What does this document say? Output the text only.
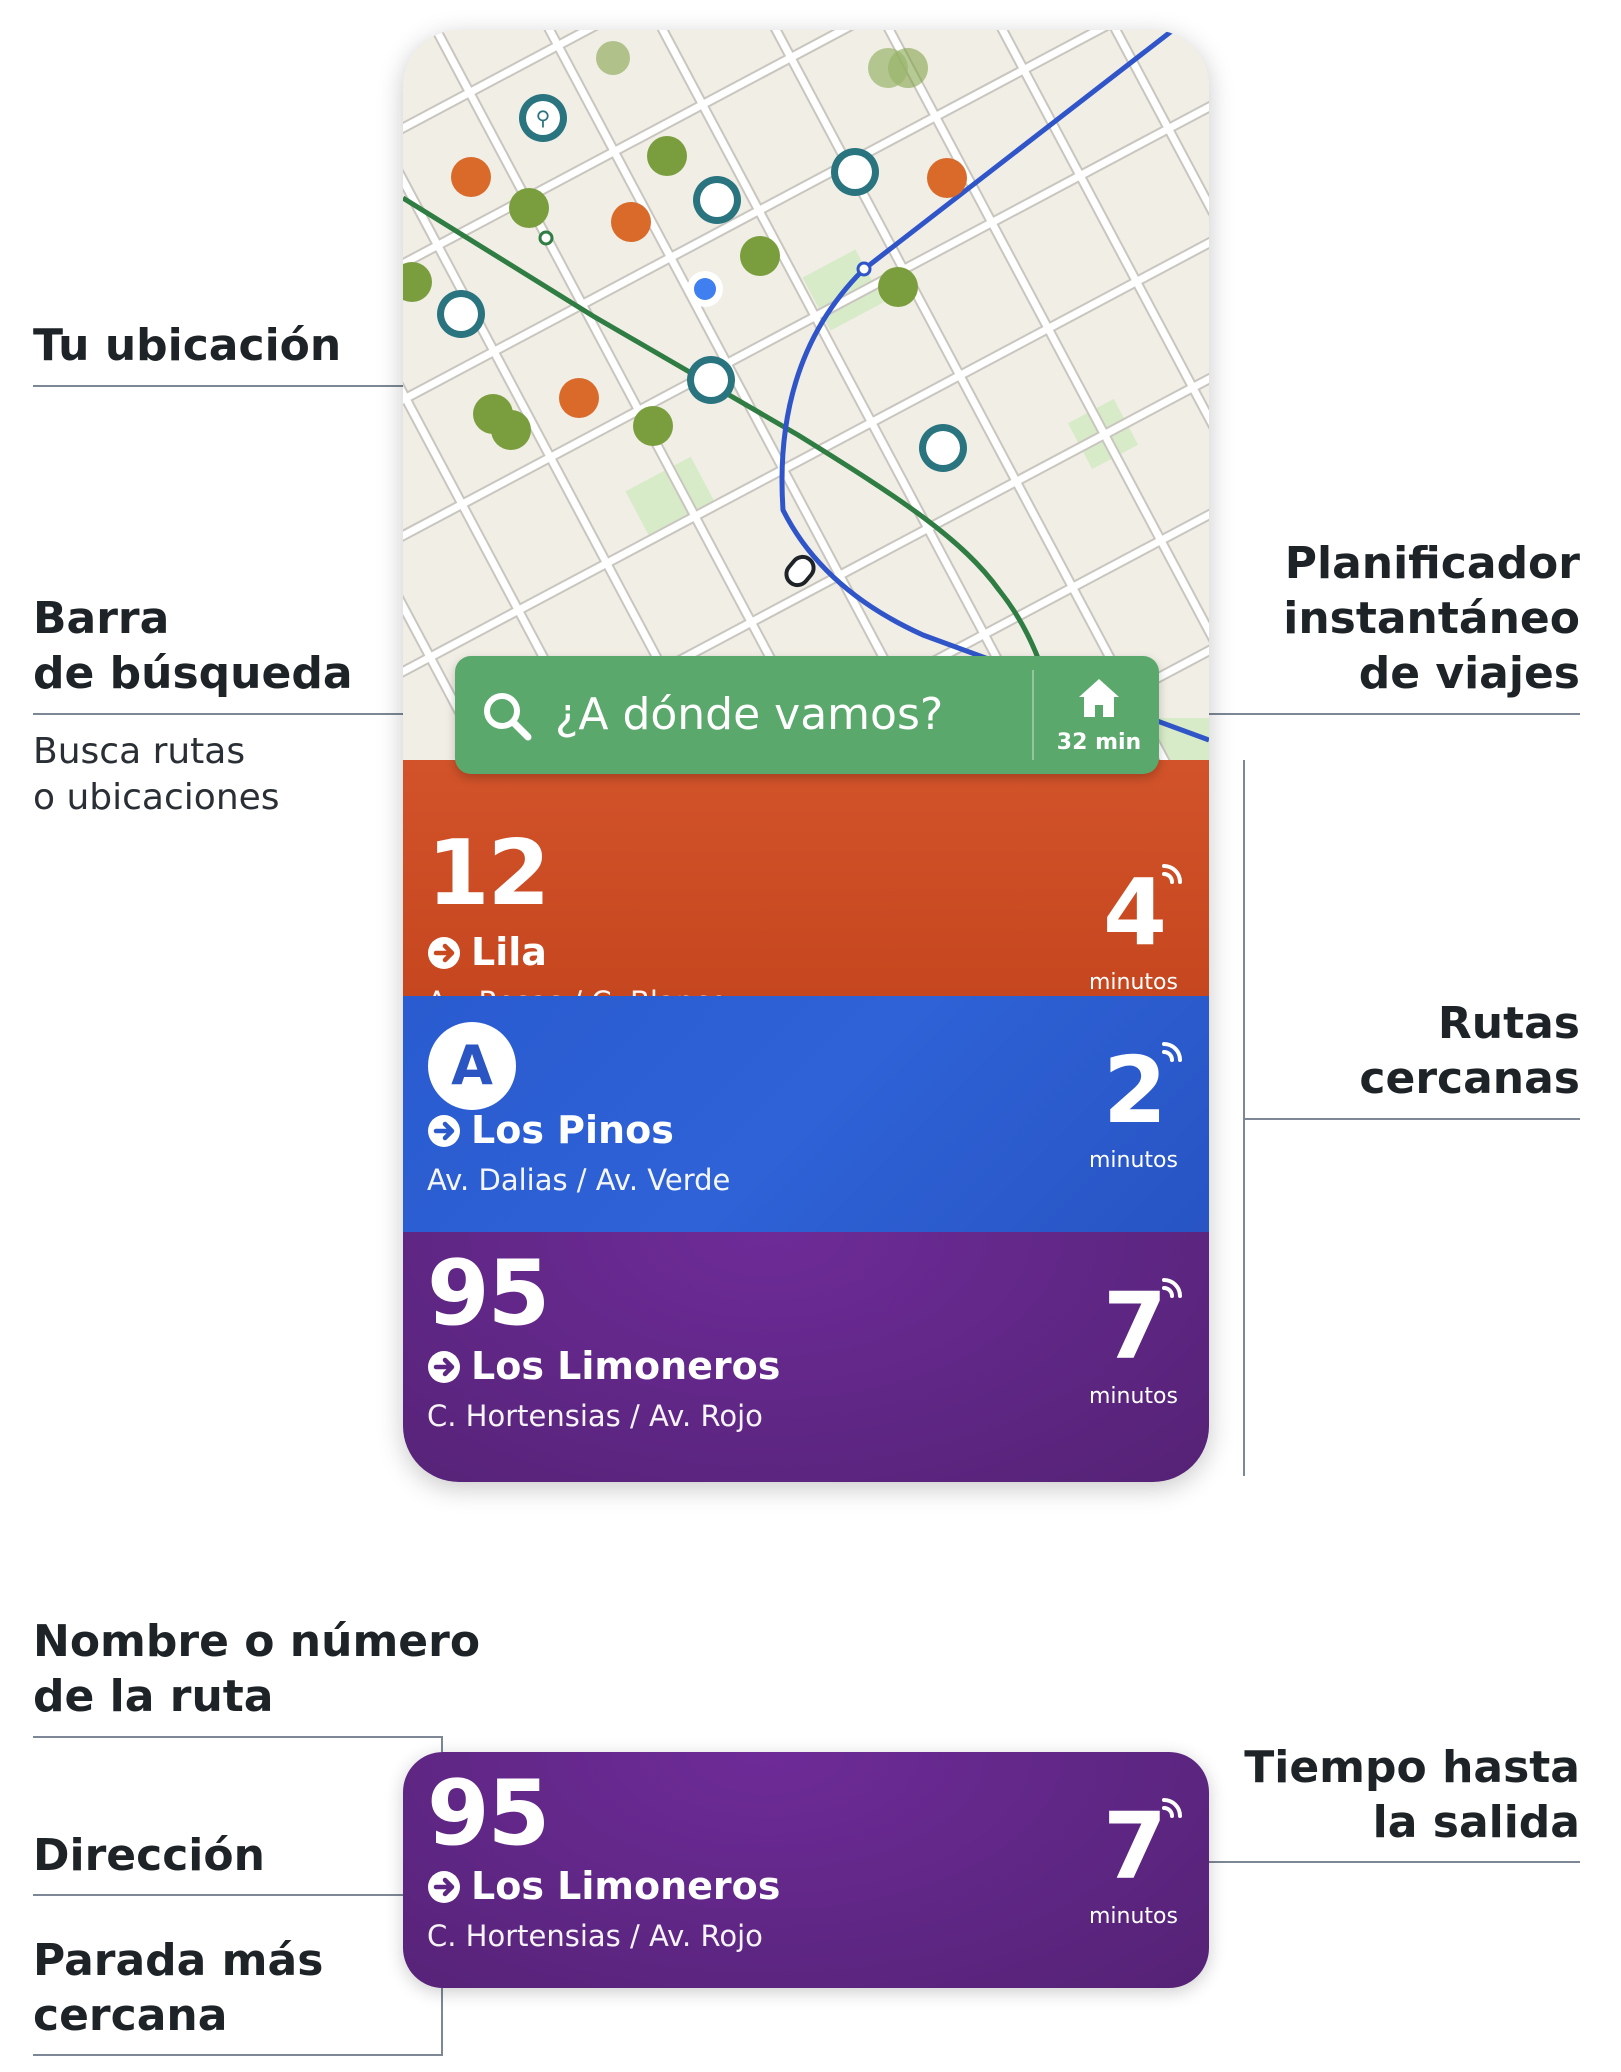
Tu ubicación
Barra
de búsqueda
Busca rutas
o ubicaciones
Planificador
instantáneo
de viajes
Rutas
cercanas
⚲
¿A dónde vamos?
32 min
12
Lila	4
minutos
A
Los Pinos
Av. Dalias / Av. Verde
2
minutos
95
Los Limoneros
C. Hortensias / Av. Rojo
7
minutos
Nombre o número
de la ruta
Dirección
Parada más
cercana
Tiempo hasta
la salida
95
Los Limoneros
C. Hortensias / Av. Rojo
7
minutos
